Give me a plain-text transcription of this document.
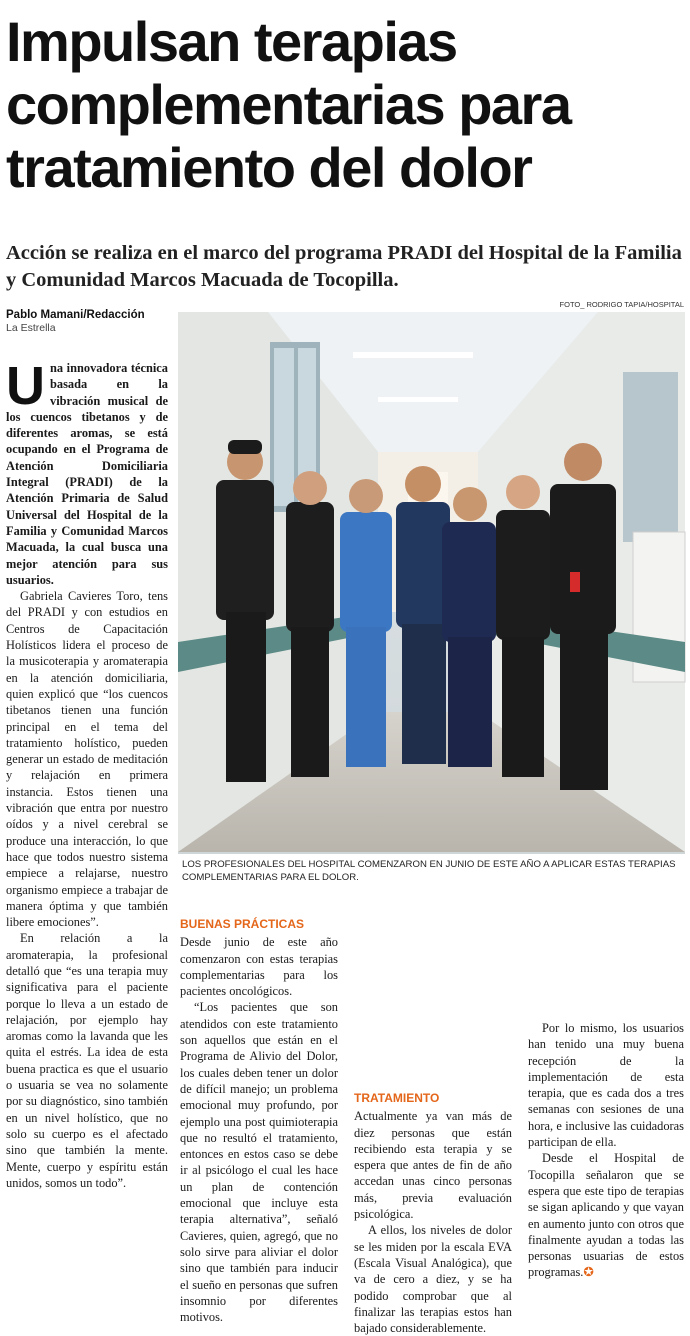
Impulsan terapias complementarias para tratamiento del dolor
Acción se realiza en el marco del programa PRADI del Hospital de la Familia y Comunidad Marcos Macuada de Tocopilla.
Pablo Mamani/Redacción
La Estrella
FOTO_ RODRIGO TAPIA/HOSPITAL
LOS PROFESIONALES DEL HOSPITAL COMENZARON EN JUNIO DE ESTE AÑO A APLICAR ESTAS TERAPIAS COMPLEMENTARIAS PARA EL DOLOR.

Una innovadora técnica basada en la vibración musical de los cuencos tibetanos y de diferentes aromas, se está ocupando en el Programa de Atención Domiciliaria Integral (PRADI) de la Atención Primaria de Salud Universal del Hospital de la Familia y Comunidad Marcos Macuada, la cual busca una mejor atención para sus usuarios.

Gabriela Cavieres Toro, tens del PRADI y con estudios en Centros de Capacitación Holísticos lidera el proceso de la musicoterapia y aromaterapia en la atención domiciliaria, quien explicó que “los cuencos tibetanos tienen una función principal en el tema del tratamiento holístico, pueden generar un estado de meditación y relajación en primera instancia. Estos tienen una vibración que entra por nuestro oídos y a nivel cerebral se produce una interacción, lo que hace que todos nuestro sistema empiece a relajarse, nuestro organismo empiece a trabajar de manera óptima y que también libere emociones”.

En relación a la aromaterapia, la profesional detalló que “es una terapia muy significativa para el paciente porque lo lleva a un estado de relajación, por ejemplo hay aromas como la lavanda que les quita el estrés. La idea de esta buena practica es que el usuario o usuaria se vea no solamente por su diagnóstico, sino también en un nivel holístico, que no solo su cuerpo es el afectado sino que también la mente. Mente, cuerpo y espíritu están unidos, somos un todo”.

BUENAS PRÁCTICAS

Desde junio de este año comenzaron con estas terapias complementarias para los pacientes oncológicos.

“Los pacientes que son atendidos con este tratamiento son aquellos que están en el Programa de Alivio del Dolor, los cuales deben tener un dolor de difícil manejo; un problema emocional muy profundo, por ejemplo una post quimioterapia que no resultó el tratamiento, entonces en estos caso se debe ir al psicólogo el cual les hace un plan de contención emocional que incluye esta terapia alternativa”, señaló Cavieres, quien, agregó, que no solo sirve para aliviar el dolor sino que también para inducir el sueño en personas que sufren insomnio por diferentes motivos.

TRATAMIENTO

Actualmente ya van más de diez personas que están recibiendo esta terapia y se espera que antes de fin de año accedan unas cinco personas más, previa evaluación psicológica.

A ellos, los niveles de dolor se les miden por la escala EVA (Escala Visual Analógica), que va de cero a diez, y se ha podido comprobar que al finalizar las terapias estos han bajado considerablemente.

Por lo mismo, los usuarios han tenido una muy buena recepción de la implementación de esta terapia, que es cada dos a tres semanas con sesiones de una hora, e inclusive las cuidadoras participan de ella.

Desde el Hospital de Tocopilla señalaron que se espera que este tipo de terapias se sigan aplicando y que vayan en aumento junto con otros que finalmente ayudan a todas las personas usuarias de estos programas.✪
